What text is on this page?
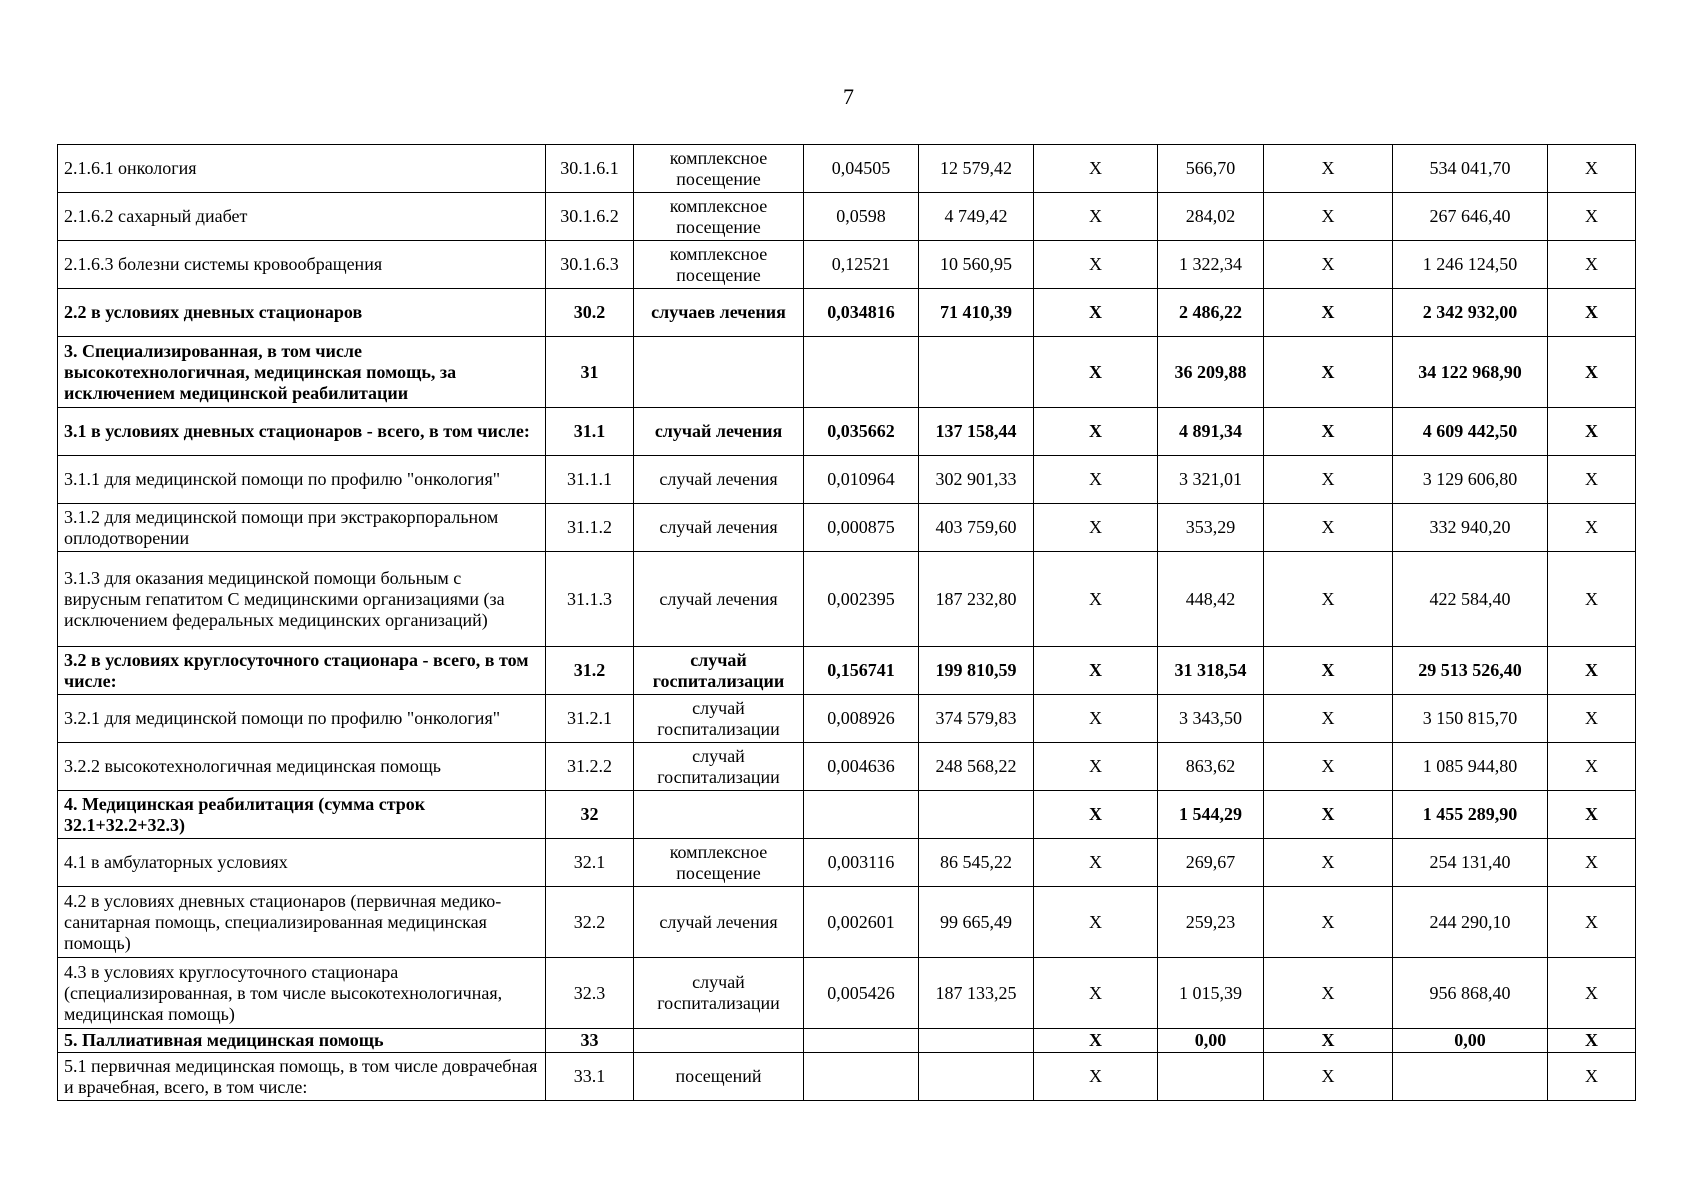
7
2.1.6.1 онкология	30.1.6.1	комплексное посещение	0,04505	12 579,42	Х	566,70	Х	534 041,70	Х
2.1.6.2 сахарный диабет	30.1.6.2	комплексное посещение	0,0598	4 749,42	Х	284,02	Х	267 646,40	Х
2.1.6.3 болезни системы кровообращения	30.1.6.3	комплексное посещение	0,12521	10 560,95	Х	1 322,34	Х	1 246 124,50	Х
2.2 в условиях дневных стационаров	30.2	случаев лечения	0,034816	71 410,39	Х	2 486,22	Х	2 342 932,00	Х
3. Специализированная, в том числе высокотехнологичная, медицинская помощь, за исключением медицинской реабилитации	31				Х	36 209,88	Х	34 122 968,90	Х
3.1 в условиях дневных стационаров - всего, в том числе:	31.1	случай лечения	0,035662	137 158,44	Х	4 891,34	Х	4 609 442,50	Х
3.1.1 для медицинской помощи по профилю "онкология"	31.1.1	случай лечения	0,010964	302 901,33	Х	3 321,01	Х	3 129 606,80	Х
3.1.2 для медицинской помощи при экстракорпоральном оплодотворении	31.1.2	случай лечения	0,000875	403 759,60	Х	353,29	Х	332 940,20	Х
3.1.3 для оказания медицинской помощи больным с вирусным гепатитом С медицинскими организациями (за исключением федеральных медицинских организаций)	31.1.3	случай лечения	0,002395	187 232,80	Х	448,42	Х	422 584,40	Х
3.2 в условиях круглосуточного стационара - всего, в том числе:	31.2	случай госпитализации	0,156741	199 810,59	Х	31 318,54	Х	29 513 526,40	Х
3.2.1 для медицинской помощи по профилю "онкология"	31.2.1	случай госпитализации	0,008926	374 579,83	Х	3 343,50	Х	3 150 815,70	Х
3.2.2 высокотехнологичная медицинская помощь	31.2.2	случай госпитализации	0,004636	248 568,22	Х	863,62	Х	1 085 944,80	Х
4. Медицинская реабилитация (сумма строк 32.1+32.2+32.3)	32				Х	1 544,29	Х	1 455 289,90	Х
4.1 в амбулаторных условиях	32.1	комплексное посещение	0,003116	86 545,22	Х	269,67	Х	254 131,40	Х
4.2 в условиях дневных стационаров (первичная медико-санитарная помощь, специализированная медицинская помощь)	32.2	случай лечения	0,002601	99 665,49	Х	259,23	Х	244 290,10	Х
4.3 в условиях круглосуточного стационара (специализированная, в том числе высокотехнологичная, медицинская помощь)	32.3	случай госпитализации	0,005426	187 133,25	Х	1 015,39	Х	956 868,40	Х
5. Паллиативная медицинская помощь	33				Х	0,00	Х	0,00	Х
5.1 первичная медицинская помощь, в том числе доврачебная и врачебная, всего, в том числе:	33.1	посещений			Х		Х		Х
